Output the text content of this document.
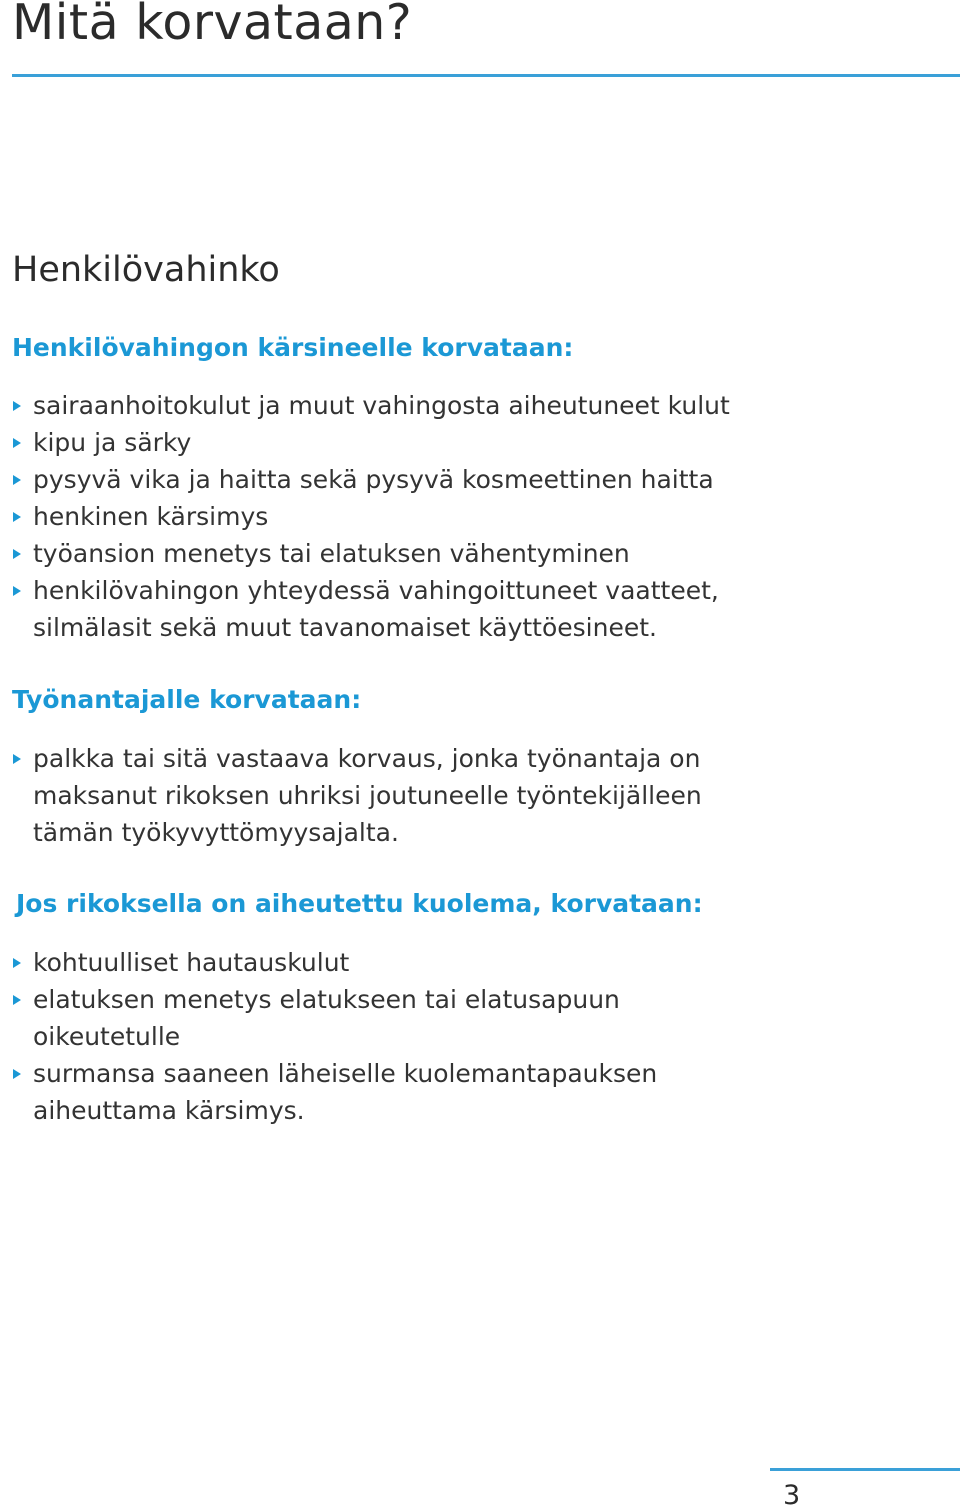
Mitä korvataan?
Henkilövahinko
Henkilövahingon kärsineelle korvataan:
sairaanhoitokulut ja muut vahingosta aiheutuneet kulut
kipu ja särky
pysyvä vika ja haitta sekä pysyvä kosmeettinen haitta
henkinen kärsimys
työansion menetys tai elatuksen vähentyminen
henkilövahingon yhteydessä vahingoittuneet vaatteet,
silmälasit sekä muut tavanomaiset käyttöesineet.
Työnantajalle korvataan:
palkka tai sitä vastaava korvaus, jonka työnantaja on
maksanut rikoksen uhriksi joutuneelle työntekijälleen
tämän työkyvyttömyysajalta.
Jos rikoksella on aiheutettu kuolema, korvataan:
kohtuulliset hautauskulut
elatuksen menetys elatukseen tai elatusapuun
oikeutetulle
surmansa saaneen läheiselle kuolemantapauksen
aiheuttama kärsimys.
3
